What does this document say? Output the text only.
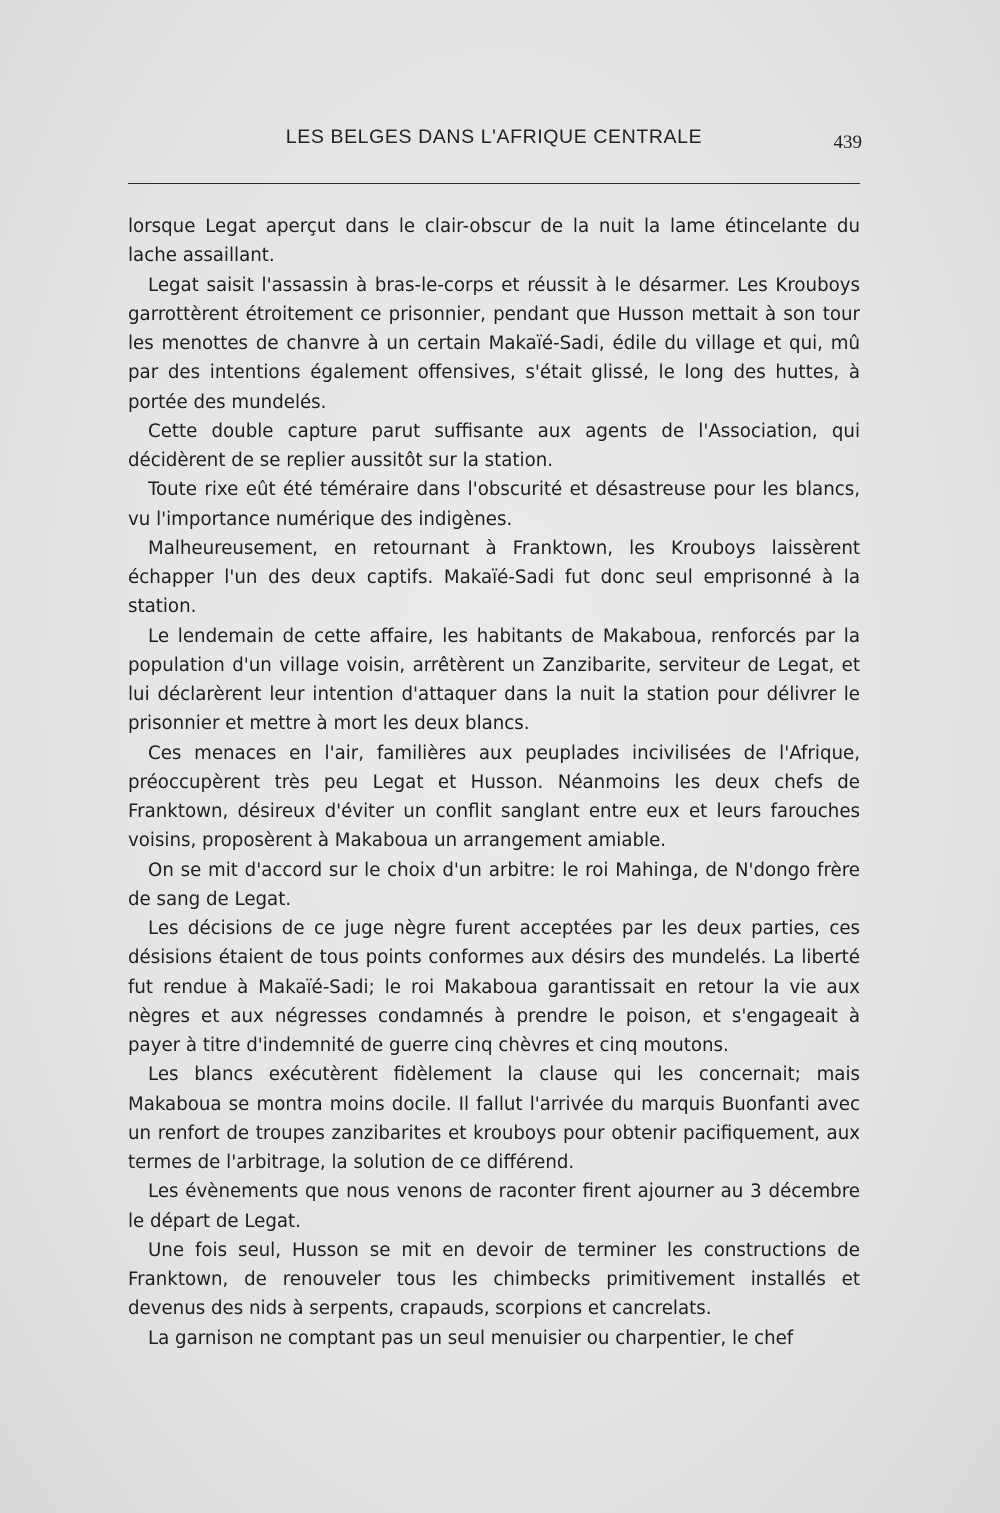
LES BELGES DANS L'AFRIQUE CENTRALE	439

lorsque Legat aperçut dans le clair-obscur de la nuit la lame étincelante du lache assaillant.

Legat saisit l'assassin à bras-le-corps et réussit à le désarmer. Les Krouboys garrottèrent étroitement ce prisonnier, pendant que Husson mettait à son tour les menottes de chanvre à un certain Makaïé-Sadi, édile du village et qui, mû par des intentions également offensives, s'était glissé, le long des huttes, à portée des mundelés.

Cette double capture parut suffisante aux agents de l'Association, qui décidèrent de se replier aussitôt sur la station.

Toute rixe eût été téméraire dans l'obscurité et désastreuse pour les blancs, vu l'importance numérique des indigènes.

Malheureusement, en retournant à Franktown, les Krouboys laissèrent échapper l'un des deux captifs. Makaïé-Sadi fut donc seul emprisonné à la station.

Le lendemain de cette affaire, les habitants de Makaboua, renforcés par la population d'un village voisin, arrêtèrent un Zanzibarite, serviteur de Legat, et lui déclarèrent leur intention d'attaquer dans la nuit la station pour délivrer le prisonnier et mettre à mort les deux blancs.

Ces menaces en l'air, familières aux peuplades incivilisées de l'Afrique, préoccupèrent très peu Legat et Husson. Néanmoins les deux chefs de Franktown, désireux d'éviter un conflit sanglant entre eux et leurs farouches voisins, proposèrent à Makaboua un arrangement amiable.

On se mit d'accord sur le choix d'un arbitre: le roi Mahinga, de N'dongo frère de sang de Legat.

Les décisions de ce juge nègre furent acceptées par les deux parties, ces désisions étaient de tous points conformes aux désirs des mundelés. La liberté fut rendue à Makaïé-Sadi; le roi Makaboua garantissait en retour la vie aux nègres et aux négresses condamnés à prendre le poison, et s'engageait à payer à titre d'indemnité de guerre cinq chèvres et cinq moutons.

Les blancs exécutèrent fidèlement la clause qui les concernait; mais Makaboua se montra moins docile. Il fallut l'arrivée du marquis Buonfanti avec un renfort de troupes zanzibarites et krouboys pour obtenir pacifiquement, aux termes de l'arbitrage, la solution de ce différend.

Les évènements que nous venons de raconter firent ajourner au 3 décembre le départ de Legat.

Une fois seul, Husson se mit en devoir de terminer les constructions de Franktown, de renouveler tous les chimbecks primitivement installés et devenus des nids à serpents, crapauds, scorpions et cancrelats.

La garnison ne comptant pas un seul menuisier ou charpentier, le chef
